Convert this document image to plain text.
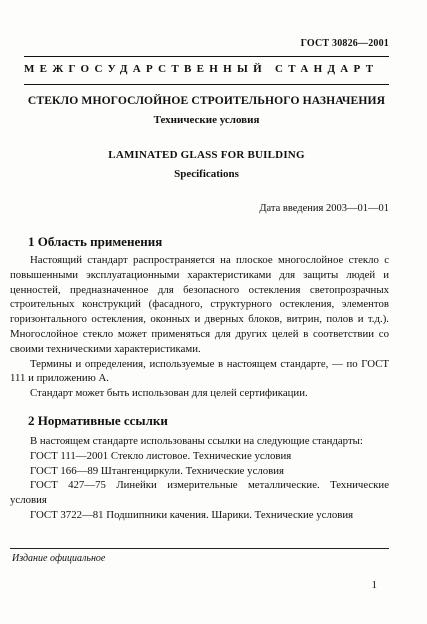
ГОСТ 30826—2001
МЕЖГОСУДАРСТВЕННЫЙ СТАНДАРТ
СТЕКЛО МНОГОСЛОЙНОЕ СТРОИТЕЛЬНОГО НАЗНАЧЕНИЯ
Технические условия
LAMINATED GLASS FOR BUILDING
Specifications
Дата введения 2003—01—01
1 Область применения

Настоящий стандарт распространяется на плоское многослойное стекло с повышенными эксплуатационными характеристиками для защиты людей и ценностей, предназначенное для безопасного остекления светопрозрачных строительных конструкций (фасадного, структурного остекления, элементов горизонтального остекления, оконных и дверных блоков, витрин, полов и т.д.). Многослойное стекло может применяться для других целей в соответствии со своими техническими характеристиками.

Термины и определения, используемые в настоящем стандарте, — по ГОСТ 111 и приложению А.

Стандарт может быть использован для целей сертификации.

2 Нормативные ссылки

В настоящем стандарте использованы ссылки на следующие стандарты:

ГОСТ 111—2001 Стекло листовое. Технические условия

ГОСТ 166—89 Штангенциркули. Технические условия

ГОСТ 427—75 Линейки измерительные металлические. Технические условия

ГОСТ 3722—81 Подшипники качения. Шарики. Технические условия

Издание официальное
1
